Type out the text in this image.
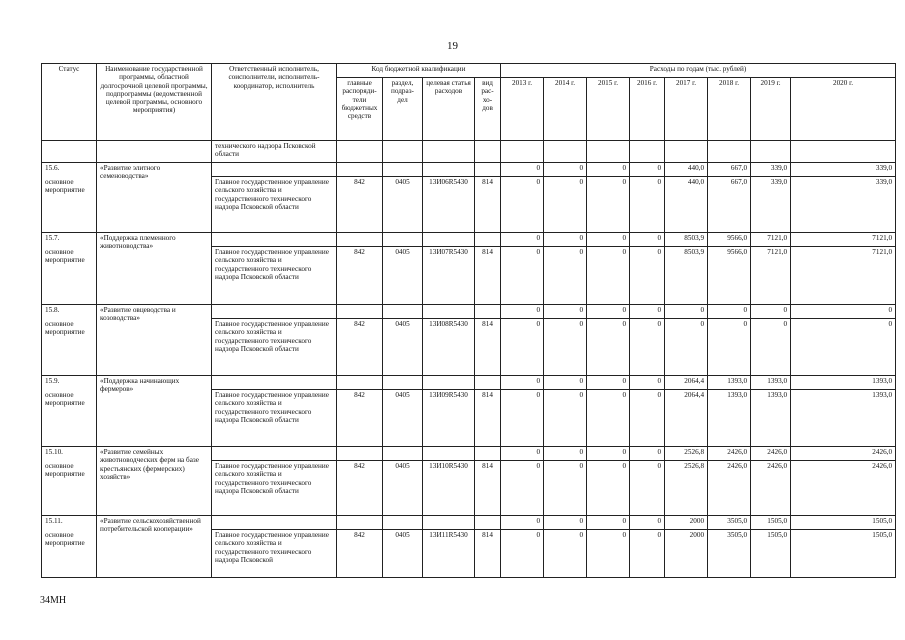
19
Статус	Наименование государственной программы, областной долгосрочной целевой программы, подпрограммы (ведомственной целевой программы, основного мероприятия)	Ответственный исполнитель, соисполнители, исполнитель-координатор, исполнитель	Код бюджетной квалификации				Расходы по годам (тыс. рублей)							
			главные распоряди-тели бюджетных средств	раздел, подраз-дел	целевая статья расходов	вид рас-хо-дов	2013 г.	2014 г.	2015 г.	2016 г.	2017 г.	2018 г.	2019 г.	2020 г.
		технического надзора Псковской области												
15.6.	«Развитие элитного семеноводства»						0	0	0	0	440,0	667,0	339,0	339,0
основное мероприятие		Главное государственное управление сельского хозяйства и государственного технического надзора Псковской области	842	0405	13И06R5430	814	0	0	0	0	440,0	667,0	339,0	339,0
15.7.	«Поддержка племенного животноводства»						0	0	0	0	8503,9	9566,0	7121,0	7121,0
основное мероприятие		Главное государственное управление сельского хозяйства и государственного технического надзора Псковской области	842	0405	13И07R5430	814	0	0	0	0	8503,9	9566,0	7121,0	7121,0
15.8.	«Развитие овцеводства и козоводства»						0	0	0	0	0	0	0	0
основное мероприятие		Главное государственное управление сельского хозяйства и государственного технического надзора Псковской области	842	0405	13И08R5430	814	0	0	0	0	0	0	0	0
15.9.	«Поддержка начинающих фермеров»						0	0	0	0	2064,4	1393,0	1393,0	1393,0
основное мероприятие		Главное государственное управление сельского хозяйства и государственного технического надзора Псковской области	842	0405	13И09R5430	814	0	0	0	0	2064,4	1393,0	1393,0	1393,0
15.10.	«Развитие семейных животноводческих ферм на базе крестьянских (фермерских) хозяйств»						0	0	0	0	2526,8	2426,0	2426,0	2426,0
основное мероприятие		Главное государственное управление сельского хозяйства и государственного технического надзора Псковской области	842	0405	13И10R5430	814	0	0	0	0	2526,8	2426,0	2426,0	2426,0
15.11.	«Развитие сельскохозяйственной потребительской кооперации»						0	0	0	0	2000	3505,0	1505,0	1505,0
основное мероприятие		Главное государственное управление сельского хозяйства и государственного технического надзора Псковской	842	0405	13И11R5430	814	0	0	0	0	2000	3505,0	1505,0	1505,0
34МН
